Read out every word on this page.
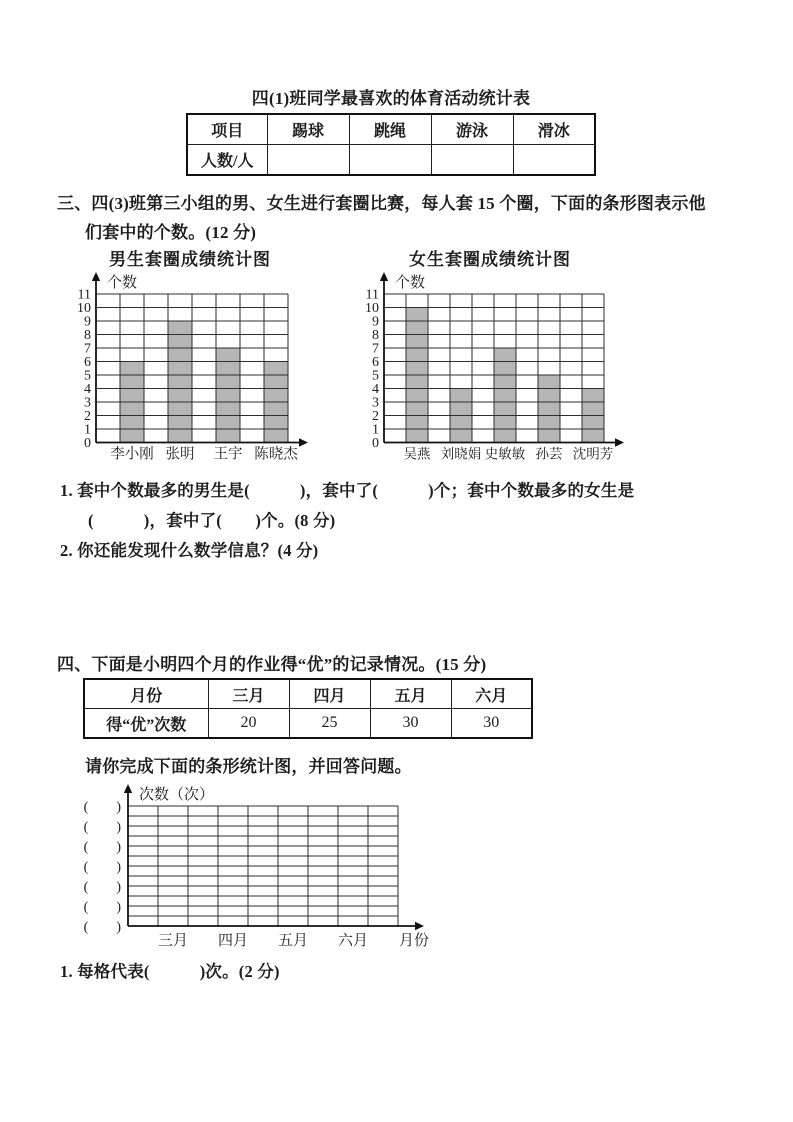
四(1)班同学最喜欢的体育活动统计表
项目	踢球	跳绳	游泳	滑冰
人数/人				
三、四(3)班第三小组的男、女生进行套圈比赛，每人套 15 个圈，下面的条形图表示他
们套中的个数。(12 分)
男生套圈成绩统计图
0
1
2
3
4
5
6
7
8
9
10
11
个数
李小刚 张明 王宇 陈晓杰
女生套圈成绩统计图
0
1
2
3
4
5
6
7
8
9
10
11
个数
吴燕 刘晓娟 史敏敏 孙芸 沈明芳
1. 套中个数最多的男生是(　　　)，套中了(　　　)个；套中个数最多的女生是
(　　　)，套中了(　　)个。(8 分)
2. 你还能发现什么数学信息？(4 分)
四、下面是小明四个月的作业得“优”的记录情况。(15 分)
月份	三月	四月	五月	六月
得“优”次数	20	25	30	30
请你完成下面的条形统计图，并回答问题。
(　　)
(　　)
(　　)
(　　)
(　　)
(　　)
(　　)
次数（次）
月份
三月 四月 五月 六月
1. 每格代表(　　　)次。(2 分)
